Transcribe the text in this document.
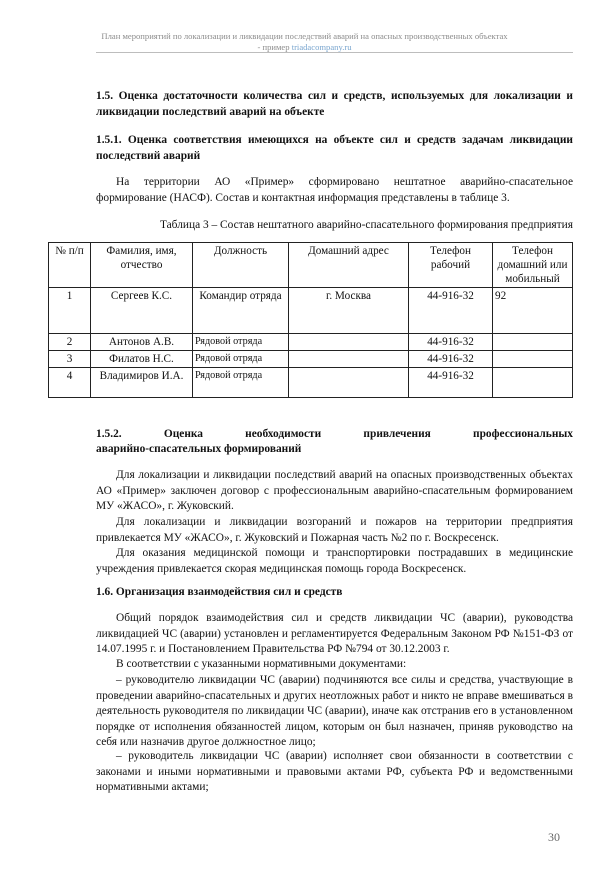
План мероприятий по локализации и ликвидации последствий аварий на опасных производственных объектах
- пример triadacompany.ru
1.5. Оценка достаточности количества сил и средств, используемых для локализации и ликвидации последствий аварий на объекте
1.5.1. Оценка соответствия имеющихся на объекте сил и средств задачам ликвидации последствий аварий
На территории АО «Пример» сформировано нештатное аварийно-спасательное формирование (НАСФ). Состав и контактная информация представлены в таблице 3.
Таблица 3 – Состав нештатного аварийно-спасательного формирования предприятия
№ п/п	Фамилия, имя, отчество	Должность	Домашний адрес	Телефон рабочий	Телефон домашний или мобильный
1	Сергеев К.С.	Командир отряда	г. Москва	44-916-32	92
2	Антонов А.В.	Рядовой отряда		44-916-32	
3	Филатов Н.С.	Рядовой отряда		44-916-32	
4	Владимиров И.А.	Рядовой отряда		44-916-32	
1.5.2. Оценка необходимости привлечения профессиональных
аварийно-спасательных формирований
Для локализации и ликвидации последствий аварий на опасных производственных объектах АО «Пример» заключен договор с профессиональным аварийно-спасательным формированием МУ «ЖАСО», г. Жуковский.
Для локализации и ликвидации возгораний и пожаров на территории предприятия привлекается МУ «ЖАСО», г. Жуковский и Пожарная часть №2 по г. Воскресенск.
Для оказания медицинской помощи и транспортировки пострадавших в медицинские учреждения привлекается скорая медицинская помощь города Воскресенск.
1.6. Организация взаимодействия сил и средств
Общий порядок взаимодействия сил и средств ликвидации ЧС (аварии), руководства ликвидацией ЧС (аварии) установлен и регламентируется Федеральным Законом РФ №151-ФЗ от 14.07.1995 г. и Постановлением Правительства РФ №794 от 30.12.2003 г.
В соответствии с указанными нормативными документами:
– руководителю ликвидации ЧС (аварии) подчиняются все силы и средства, участвующие в проведении аварийно-спасательных и других неотложных работ и никто не вправе вмешиваться в деятельность руководителя по ликвидации ЧС (аварии), иначе как отстранив его в установленном порядке от исполнения обязанностей лицом, которым он был назначен, приняв руководство на себя или назначив другое должностное лицо;
– руководитель ликвидации ЧС (аварии) исполняет свои обязанности в соответствии с законами и иными нормативными и правовыми актами РФ, субъекта РФ и ведомственными нормативными актами;
30
